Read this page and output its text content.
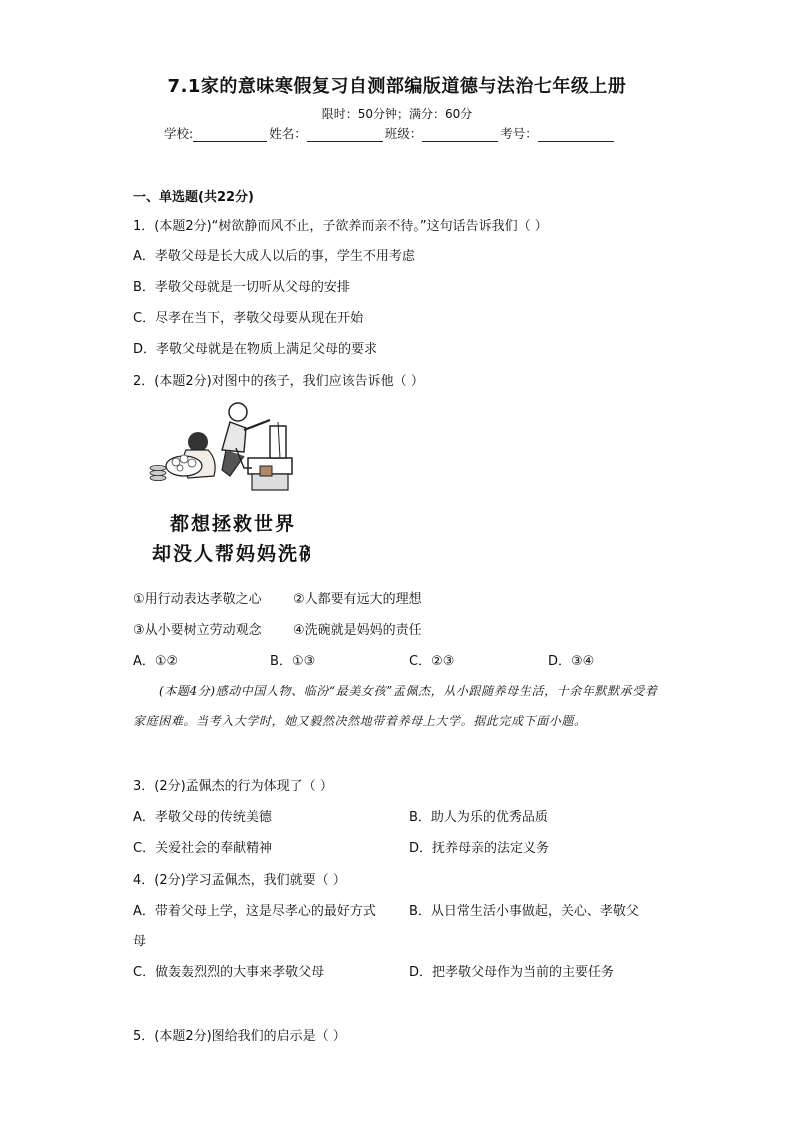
7.1家的意味寒假复习自测部编版道德与法治七年级上册
限时：50分钟；满分：60分
学校:	姓名：	班级：	考号：
一、单选题(共22分)
1．(本题2分)“树欲静而风不止，子欲养而亲不待。”这句话告诉我们（ ）
A．孝敬父母是长大成人以后的事，学生不用考虑
B．孝敬父母就是一切听从父母的安排
C．尽孝在当下，孝敬父母要从现在开始
D．孝敬父母就是在物质上满足父母的要求
2．(本题2分)对图中的孩子，我们应该告诉他（ ）
都想拯救世界
却没人帮妈妈洗碗
①用行动表达孝敬之心 ②人都要有远大的理想
③从小要树立劳动观念 ④洗碗就是妈妈的责任
A．①②	B．①③	C．②③	D．③④
(本题4分)感动中国人物、临汾“最美女孩”孟佩杰，从小跟随养母生活，十余年默默承受着家庭困难。当考入大学时，她又毅然决然地带着养母上大学。据此完成下面小题。
3．(2分)孟佩杰的行为体现了（ ）
A．孝敬父母的传统美德	B．助人为乐的优秀品质
C．关爱社会的奉献精神	D．抚养母亲的法定义务
4．(2分)学习孟佩杰，我们就要（ ）
A．带着父母上学，这是尽孝心的最好方式	B．从日常生活小事做起，关心、孝敬父
母
C．做轰轰烈烈的大事来孝敬父母	D．把孝敬父母作为当前的主要任务
5．(本题2分)图给我们的启示是（ ）
